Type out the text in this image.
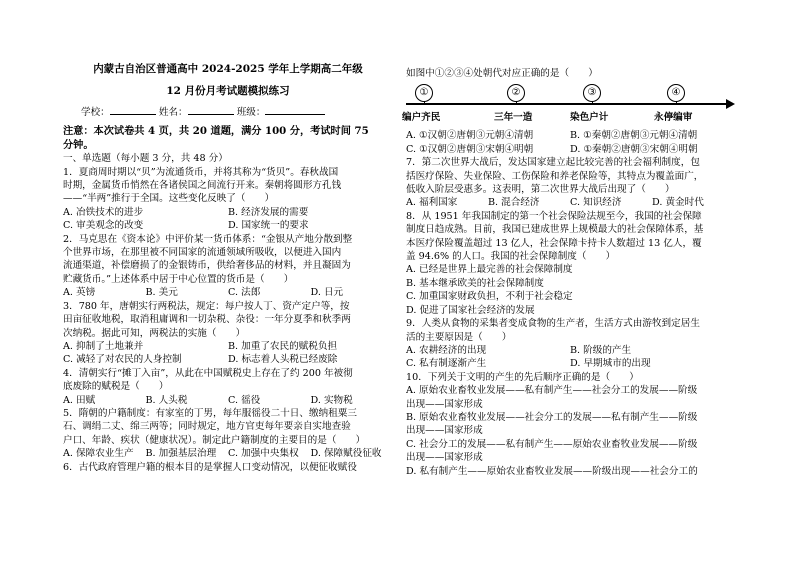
内蒙古自治区普通高中 2024-2025 学年上学期高二年级
12 月份月考试题模拟练习
学校：	姓名：	班级：
注意：本次试卷共 4 页，共 20 道题，满分 100 分，考试时间 75
分钟。
一、单选题（每小题 3 分，共 48 分）
1．夏商周时期以“贝”为流通货币，并将其称为“货贝”。春秋战国
时期，金属货币悄然在各诸侯国之间流行开来。秦朝将圆形方孔钱
——“半两”推行于全国。这些变化反映了（　　）
A. 冶铁技术的进步	B. 经济发展的需要
C. 审美观念的改变	D. 国家统一的要求
2．马克思在《资本论》中评价某一货币体系：“金银从产地分散到整
个世界市场，在那里被不同国家的流通领域所吸收，以便进入国内
流通渠道，补偿磨损了的金银铸币，供给奢侈品的材料，并且凝固为
贮藏货币。”上述体系中居于中心位置的货币是（　　）
A. 英镑	B. 美元	C. 法郎	D. 日元
3．780 年，唐朝实行两税法，规定：每户按人丁、资产定户等，按
田亩征收地税，取消租庸调和一切杂税、杂役：一年分夏季和秋季两
次纳税。据此可知，两税法的实施（　　）
A. 抑制了土地兼并	B. 加重了农民的赋税负担
C. 减轻了对农民的人身控制	D. 标志着人头税已经废除
4．清朝实行“摊丁入亩”，从此在中国赋税史上存在了约 200 年被彻
底废除的赋税是（　　）
A. 田赋	B. 人头税	C. 徭役	D. 实物税
5．隋朝的户籍制度：有家室的丁男，每年服徭役二十日、缴纳租粟三
石、调绢二丈、绵三两等；同时规定，地方官吏每年要亲自实地查验
户口、年龄、疾状（健康状况）。制定此户籍制度的主要目的是（　　）
A. 保障农业生产	B. 加强基层治理	C. 加强中央集权	D. 保障赋役征收
6．古代政府管理户籍的根本目的是掌握人口变动情况，以便征收赋役
如图中①②③④处朝代对应正确的是（　　）
①
编户齐民
②
三年一造
③
染色户计
④
永停编审
A. ①汉朝②唐朝③元朝④清朝	B. ①秦朝②唐朝③元朝④清朝
C. ①汉朝②唐朝③宋朝④明朝	D. ①秦朝②唐朝③宋朝④明朝
7．第二次世界大战后，发达国家建立起比较完善的社会福利制度，包
括医疗保险、失业保险、工伤保险和养老保险等，其特点为覆盖面广，
低收入阶层受惠多。这表明，第二次世界大战后出现了（　　）
A. 福利国家	B. 混合经济	C. 知识经济	D. 黄金时代
8．从 1951 年我国制定的第一个社会保险法规至今，我国的社会保障
制度日趋成熟。目前，我国已建成世界上规模最大的社会保障体系，基
本医疗保险覆盖超过 13 亿人，社会保障卡持卡人数超过 13 亿人，覆
盖 94.6% 的人口。我国的社会保障制度（　　）
A. 已经是世界上最完善的社会保障制度
B. 基本继承欧美的社会保障制度
C. 加重国家财政负担，不利于社会稳定
D. 促进了国家社会经济的发展
9．人类从食物的采集者变成食物的生产者，生活方式由游牧到定居生
活的主要原因是（　　）
A. 农耕经济的出现	B. 阶级的产生
C. 私有制逐渐产生	D. 早期城市的出现
10．下列关于文明的产生的先后顺序正确的是（　　）
A. 原始农业畜牧业发展——私有制产生——社会分工的发展——阶级
出现——国家形成
B. 原始农业畜牧业发展——社会分工的发展——私有制产生——阶级
出现——国家形成
C. 社会分工的发展——私有制产生——原始农业畜牧业发展——阶级
出现——国家形成
D. 私有制产生——原始农业畜牧业发展——阶级出现——社会分工的
